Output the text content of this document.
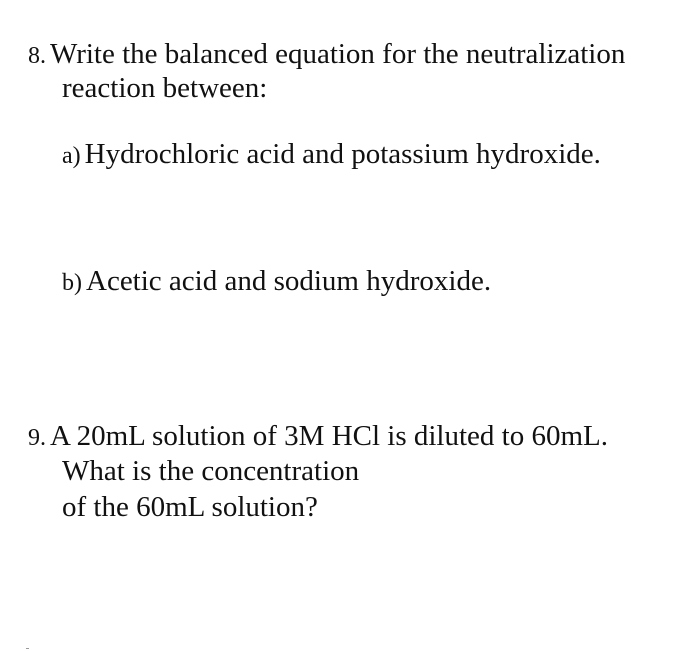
8. Write the balanced equation for the neutralization
reaction between:
a) Hydrochloric acid and potassium hydroxide.
b) Acetic acid and sodium hydroxide.
9. A 20mL solution of 3M HCl is diluted to 60mL.
What is the concentration
of the 60mL solution?
